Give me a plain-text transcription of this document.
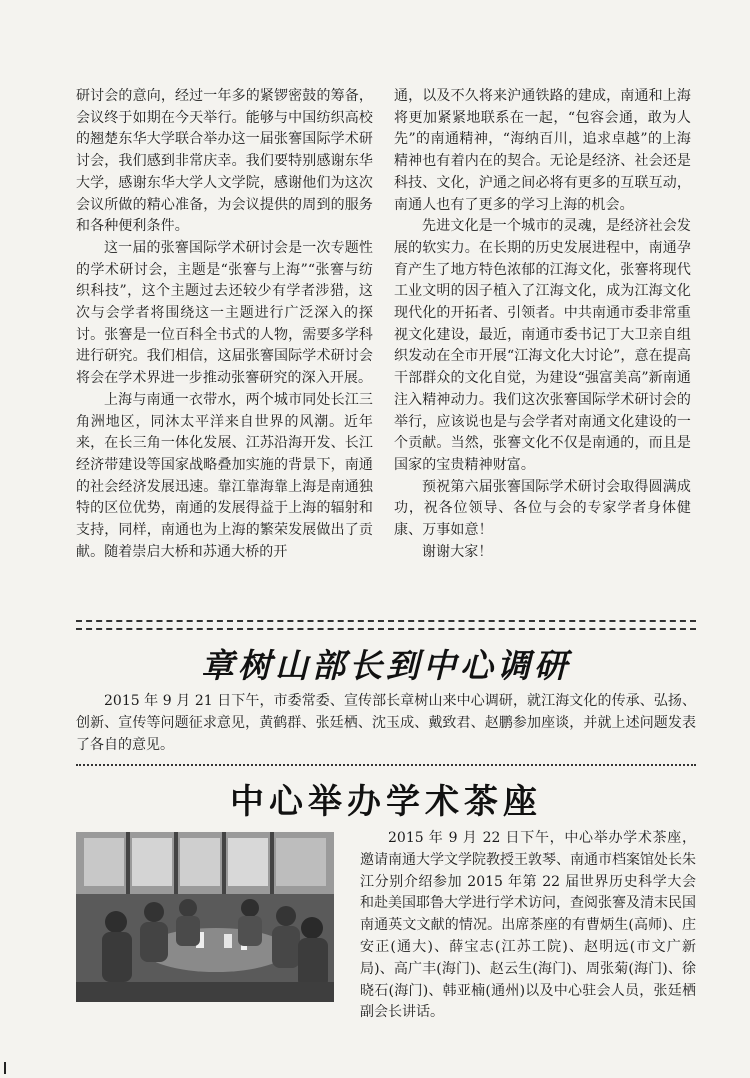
研讨会的意向，经过一年多的紧锣密鼓的筹备，会议终于如期在今天举行。能够与中国纺织高校的翘楚东华大学联合举办这一届张謇国际学术研讨会，我们感到非常庆幸。我们要特别感谢东华大学，感谢东华大学人文学院，感谢他们为这次会议所做的精心准备，为会议提供的周到的服务和各种便利条件。

这一届的张謇国际学术研讨会是一次专题性的学术研讨会，主题是“张謇与上海”“张謇与纺织科技”，这个主题过去还较少有学者涉猎，这次与会学者将围绕这一主题进行广泛深入的探讨。张謇是一位百科全书式的人物，需要多学科进行研究。我们相信，这届张謇国际学术研讨会将会在学术界进一步推动张謇研究的深入开展。

上海与南通一衣带水，两个城市同处长江三角洲地区，同沐太平洋来自世界的风潮。近年来，在长三角一体化发展、江苏沿海开发、长江经济带建设等国家战略叠加实施的背景下，南通的社会经济发展迅速。靠江靠海靠上海是南通独特的区位优势，南通的发展得益于上海的辐射和支持，同样，南通也为上海的繁荣发展做出了贡献。随着崇启大桥和苏通大桥的开

通，以及不久将来沪通铁路的建成，南通和上海将更加紧紧地联系在一起，“包容会通，敢为人先”的南通精神，“海纳百川，追求卓越”的上海精神也有着内在的契合。无论是经济、社会还是科技、文化，沪通之间必将有更多的互联互动，南通人也有了更多的学习上海的机会。

先进文化是一个城市的灵魂，是经济社会发展的软实力。在长期的历史发展进程中，南通孕育产生了地方特色浓郁的江海文化，张謇将现代工业文明的因子植入了江海文化，成为江海文化现代化的开拓者、引领者。中共南通市委非常重视文化建设，最近，南通市委书记丁大卫亲自组织发动在全市开展“江海文化大讨论”，意在提高干部群众的文化自觉，为建设“强富美高”新南通注入精神动力。我们这次张謇国际学术研讨会的举行，应该说也是与会学者对南通文化建设的一个贡献。当然，张謇文化不仅是南通的，而且是国家的宝贵精神财富。

预祝第六届张謇国际学术研讨会取得圆满成功，祝各位领导、各位与会的专家学者身体健康、万事如意！

谢谢大家！

章树山部长到中心调研

2015 年 9 月 21 日下午，市委常委、宣传部长章树山来中心调研，就江海文化的传承、弘扬、创新、宣传等问题征求意见，黄鹤群、张廷栖、沈玉成、戴致君、赵鹏参加座谈，并就上述问题发表了各自的意见。

中心举办学术茶座

2015 年 9 月 22 日下午，中心举办学术茶座，邀请南通大学文学院教授王敦琴、南通市档案馆处长朱江分别介绍参加 2015 年第 22 届世界历史科学大会和赴美国耶鲁大学进行学术访问，查阅张謇及清末民国南通英文文献的情况。出席茶座的有曹炳生(高师)、庄安正(通大)、薛宝志(江苏工院)、赵明远(市文广新局)、高广丰(海门)、赵云生(海门)、周张菊(海门)、徐晓石(海门)、韩亚楠(通州)以及中心驻会人员，张廷栖副会长讲话。
